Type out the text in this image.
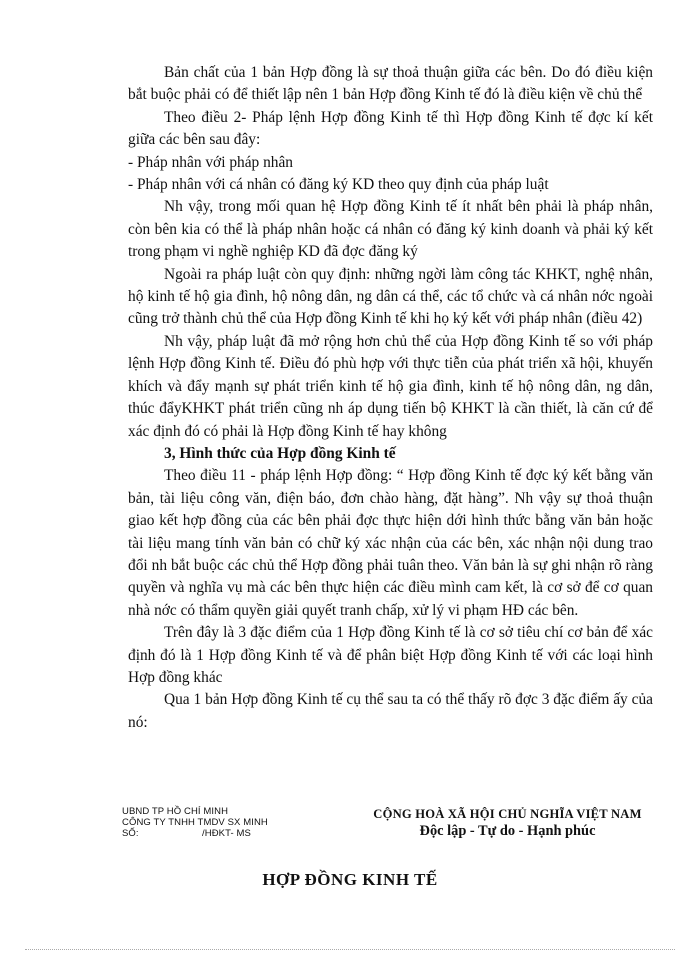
Bản chất của 1 bản Hợp đồng là sự thoả thuận giữa các bên. Do đó điều kiện bắt buộc phải có để thiết lập nên 1 bản Hợp đồng Kinh tế đó là điều kiện về chủ thể

Theo điều 2- Pháp lệnh Hợp đồng Kinh tế thì Hợp đồng Kinh tế đợc kí kết giữa các bên sau đây:

- Pháp nhân với pháp nhân

- Pháp nhân với cá nhân có đăng ký KD theo quy định của pháp luật

Nh vậy, trong mối quan hệ Hợp đồng Kinh tế ít nhất bên phải là pháp nhân, còn bên kia có thể là pháp nhân hoặc cá nhân có đăng ký kinh doanh và phải ký kết trong phạm vi nghề nghiệp KD đã đợc đăng ký

Ngoài ra pháp luật còn quy định: những ngời làm công tác KHKT, nghệ nhân, hộ kinh tế hộ gia đình, hộ nông dân, ng dân cá thể, các tổ chức và cá nhân nớc ngoài cũng trở thành chủ thể của Hợp đồng Kinh tế khi họ ký kết với pháp nhân (điều 42)

Nh vậy, pháp luật đã mở rộng hơn chủ thể của Hợp đồng Kinh tế so với pháp lệnh Hợp đồng Kinh tế. Điều đó phù hợp với thực tiễn của phát triển xã hội, khuyến khích và đẩy mạnh sự phát triển kinh tế hộ gia đình, kinh tế hộ nông dân, ng dân, thúc đẩyKHKT phát triển cũng nh áp dụng tiến bộ KHKT là cần thiết, là căn cứ để xác định đó có phải là Hợp đồng Kinh tế hay không

3, Hình thức của Hợp đồng Kinh tế

Theo điều 11 - pháp lệnh Hợp đồng: “ Hợp đồng Kinh tế đợc ký kết bằng văn bản, tài liệu công văn, điện báo, đơn chào hàng, đặt hàng”. Nh vậy sự thoả thuận giao kết hợp đồng của các bên phải đợc thực hiện dới hình thức bằng văn bản hoặc tài liệu mang tính văn bản có chữ ký xác nhận của các bên, xác nhận nội dung trao đổi nh bắt buộc các chủ thể Hợp đồng phải tuân theo. Văn bản là sự ghi nhận rõ ràng quyền và nghĩa vụ mà các bên thực hiện các điều mình cam kết, là cơ sở để cơ quan nhà nớc có thẩm quyền giải quyết tranh chấp, xử lý vi phạm HĐ các bên.

Trên đây là 3 đặc điểm của 1 Hợp đồng Kinh tế là cơ sở tiêu chí cơ bản để xác định đó là 1 Hợp đồng Kinh tế và để phân biệt Hợp đồng Kinh tế với các loại hình Hợp đồng khác

Qua 1 bản Hợp đồng Kinh tế cụ thể sau ta có thể thấy rõ đợc 3 đặc điểm ấy của nó:

UBND TP HỒ CHÍ MINH
CÔNG TY TNHH TMDV SX MINH
SỐ:	/HĐKT- MS
CỘNG HOÀ XÃ HỘI CHỦ NGHĨA VIỆT NAM
Độc lập - Tự do - Hạnh phúc
HỢP ĐỒNG KINH TẾ
